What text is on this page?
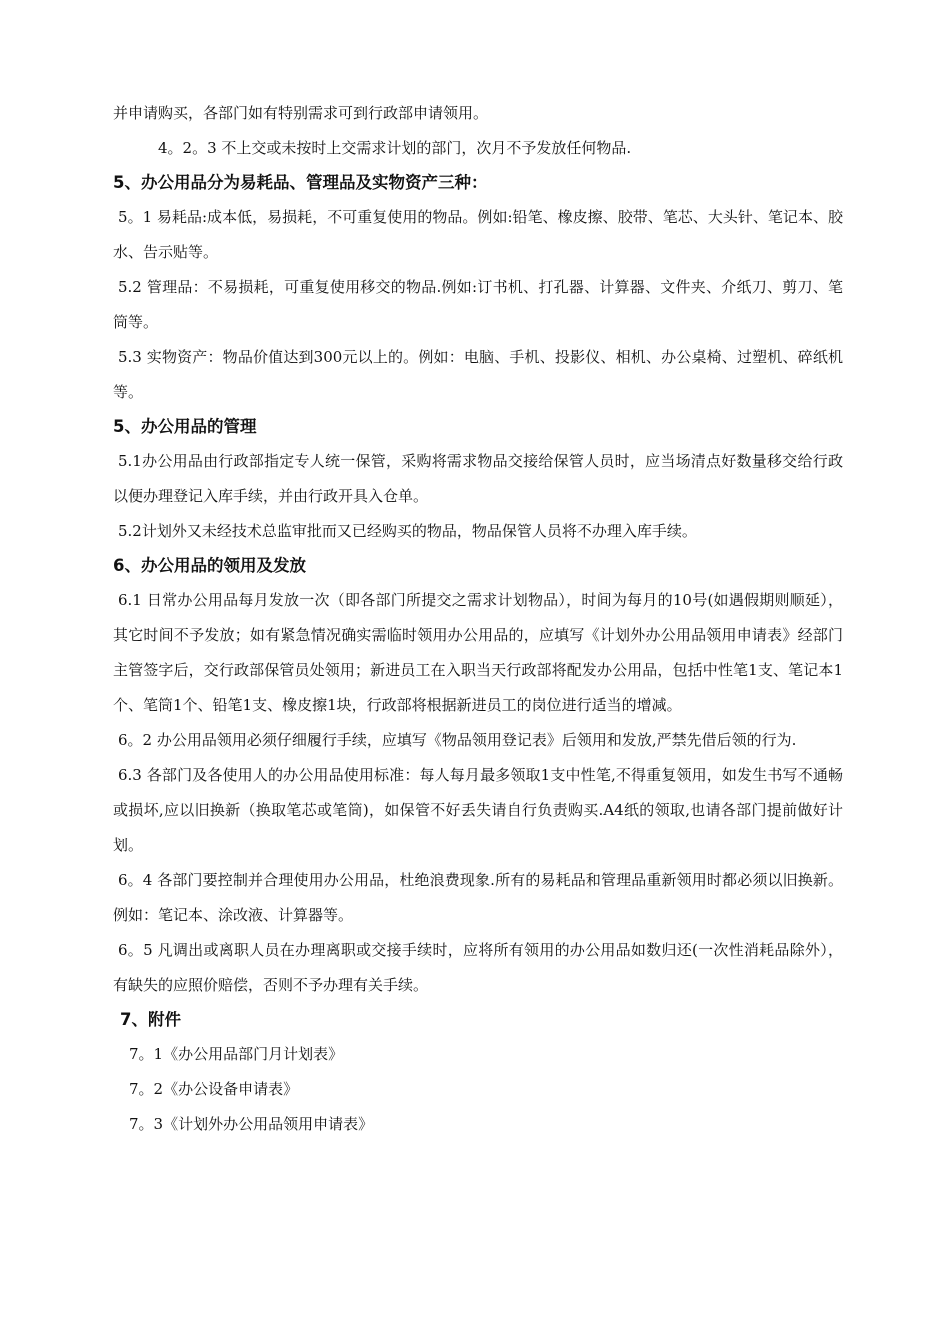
并申请购买，各部门如有特别需求可到行政部申请领用。

4。2。3 不上交或未按时上交需求计划的部门，次月不予发放任何物品.

5、办公用品分为易耗品、管理品及实物资产三种：

5。1 易耗品:成本低，易损耗，不可重复使用的物品。例如:铅笔、橡皮擦、胶带、笔芯、大头针、笔记本、胶水、告示贴等。

5.2 管理品：不易损耗，可重复使用移交的物品.例如:订书机、打孔器、计算器、文件夹、介纸刀、剪刀、笔筒等。

5.3 实物资产：物品价值达到300元以上的。例如：电脑、手机、投影仪、相机、办公桌椅、过塑机、碎纸机等。

5、办公用品的管理

5.1办公用品由行政部指定专人统一保管，采购将需求物品交接给保管人员时，应当场清点好数量移交给行政以便办理登记入库手续，并由行政开具入仓单。

5.2计划外又未经技术总监审批而又已经购买的物品，物品保管人员将不办理入库手续。

6、办公用品的领用及发放

6.1 日常办公用品每月发放一次（即各部门所提交之需求计划物品），时间为每月的10号(如遇假期则顺延），其它时间不予发放；如有紧急情况确实需临时领用办公用品的，应填写《计划外办公用品领用申请表》经部门主管签字后，交行政部保管员处领用；新进员工在入职当天行政部将配发办公用品，包括中性笔1支、笔记本1个、笔筒1个、铅笔1支、橡皮擦1块，行政部将根据新进员工的岗位进行适当的增减。

6。2 办公用品领用必须仔细履行手续，应填写《物品领用登记表》后领用和发放,严禁先借后领的行为.

6.3 各部门及各使用人的办公用品使用标准：每人每月最多领取1支中性笔,不得重复领用，如发生书写不通畅或损坏,应以旧换新（换取笔芯或笔筒)，如保管不好丢失请自行负责购买.A4纸的领取,也请各部门提前做好计划。

6。4 各部门要控制并合理使用办公用品，杜绝浪费现象.所有的易耗品和管理品重新领用时都必须以旧换新。例如：笔记本、涂改液、计算器等。

6。5 凡调出或离职人员在办理离职或交接手续时，应将所有领用的办公用品如数归还(一次性消耗品除外），有缺失的应照价赔偿，否则不予办理有关手续。

7、附件

7。1《办公用品部门月计划表》

7。2《办公设备申请表》

7。3《计划外办公用品领用申请表》
